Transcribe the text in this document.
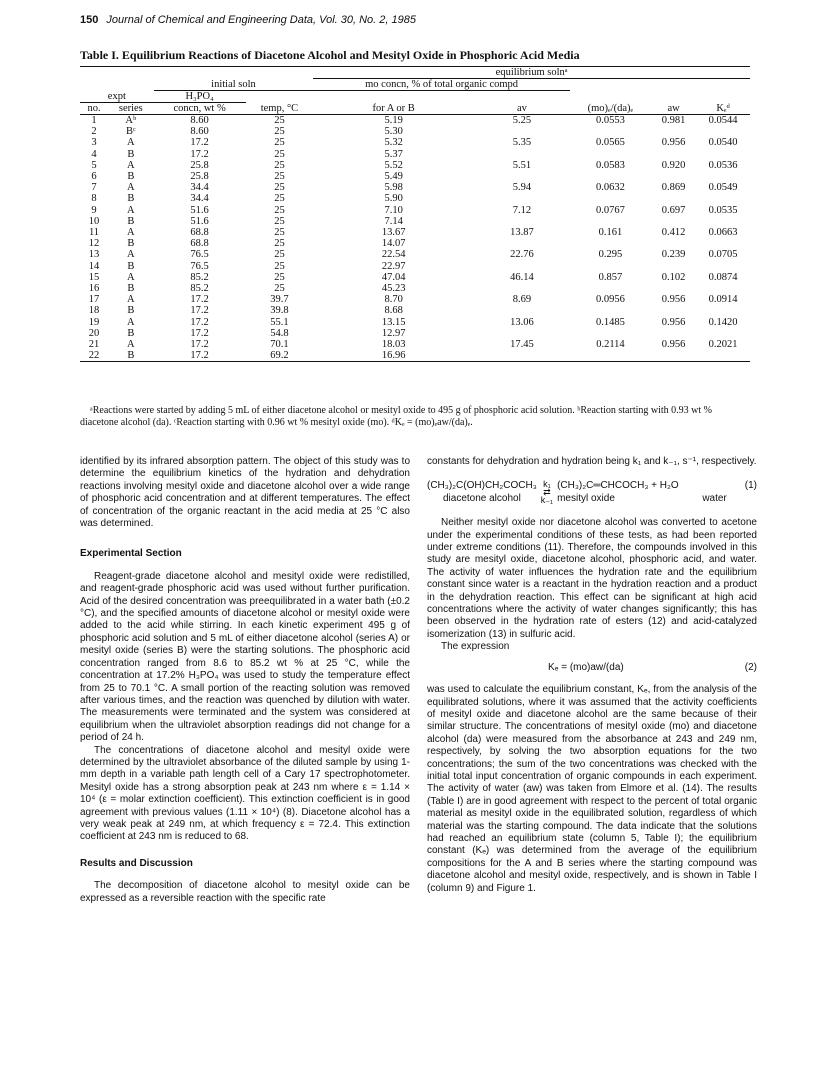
150 Journal of Chemical and Engineering Data, Vol. 30, No. 2, 1985
Table I. Equilibrium Reactions of Diacetone Alcohol and Mesityl Oxide in Phosphoric Acid Media
				equilibrium solnᵃ				
		initial soln		mo concn, % of total organic compd				
expt		H₃PO₄						
no.	series	concn, wt %	temp, °C	for A or B	av	(mo)ₑ/(da)ₑ	aw	Kₑᵈ
1	Aᵇ	8.60	25	5.19	5.25	0.0553	0.981	0.0544
2	Bᶜ	8.60	25	5.30				
3	A	17.2	25	5.32	5.35	0.0565	0.956	0.0540
4	B	17.2	25	5.37				
5	A	25.8	25	5.52	5.51	0.0583	0.920	0.0536
6	B	25.8	25	5.49				
7	A	34.4	25	5.98	5.94	0.0632	0.869	0.0549
8	B	34.4	25	5.90				
9	A	51.6	25	7.10	7.12	0.0767	0.697	0.0535
10	B	51.6	25	7.14				
11	A	68.8	25	13.67	13.87	0.161	0.412	0.0663
12	B	68.8	25	14.07				
13	A	76.5	25	22.54	22.76	0.295	0.239	0.0705
14	B	76.5	25	22.97				
15	A	85.2	25	47.04	46.14	0.857	0.102	0.0874
16	B	85.2	25	45.23				
17	A	17.2	39.7	8.70	8.69	0.0956	0.956	0.0914
18	B	17.2	39.8	8.68				
19	A	17.2	55.1	13.15	13.06	0.1485	0.956	0.1420
20	B	17.2	54.8	12.97				
21	A	17.2	70.1	18.03	17.45	0.2114	0.956	0.2021
22	B	17.2	69.2	16.96				
ᵃReactions were started by adding 5 mL of either diacetone alcohol or mesityl oxide to 495 g of phosphoric acid solution. ᵇReaction starting with 0.93 wt % diacetone alcohol (da). ᶜReaction starting with 0.96 wt % mesityl oxide (mo). ᵈKₑ = (mo)ₑaw/(da)ₑ.

identified by its infrared absorption pattern. The object of this study was to determine the equilibrium kinetics of the hydration and dehydration reactions involving mesityl oxide and diacetone alcohol over a wide range of phosphoric acid concentration and at different temperatures. The effect of concentration of the organic reactant in the acid media at 25 °C also was determined.

Experimental Section

Reagent-grade diacetone alcohol and mesityl oxide were redistilled, and reagent-grade phosphoric acid was used without further purification. Acid of the desired concentration was preequilibrated in a water bath (±0.2 °C), and the specified amounts of diacetone alcohol or mesityl oxide were added to the acid while stirring. In each kinetic experiment 495 g of phosphoric acid solution and 5 mL of either diacetone alcohol (series A) or mesityl oxide (series B) were the starting solutions. The phosphoric acid concentration ranged from 8.6 to 85.2 wt % at 25 °C, while the concentration at 17.2% H₃PO₄ was used to study the temperature effect from 25 to 70.1 °C. A small portion of the reacting solution was removed after various times, and the reaction was quenched by dilution with water. The measurements were terminated and the system was considered at equilibrium when the ultraviolet absorption readings did not change for a period of 24 h.

The concentrations of diacetone alcohol and mesityl oxide were determined by the ultraviolet absorbance of the diluted sample by using 1-mm depth in a variable path length cell of a Cary 17 spectrophotometer. Mesityl oxide has a strong absorption peak at 243 nm where ε = 1.14 × 10⁴ (ε = molar extinction coefficient). This extinction coefficient is in good agreement with previous values (1.11 × 10⁴) (8). Diacetone alcohol has a very weak peak at 249 nm, at which frequency ε = 72.4. This extinction coefficient at 243 nm is reduced to 68.

Results and Discussion

The decomposition of diacetone alcohol to mesityl oxide can be expressed as a reversible reaction with the specific rate

constants for dehydration and hydration being k₁ and k₋₁, s⁻¹, respectively.

(CH₃)₂C(OH)CH₂COCH₃
diacetone alcohol
k₁
⇄
k₋₁
(CH₃)₂C═CHCOCH₃ + H₂O
mesityl oxide	water
(1)

Neither mesityl oxide nor diacetone alcohol was converted to acetone under the experimental conditions of these tests, as had been reported under extreme conditions (11). Therefore, the compounds involved in this study are mesityl oxide, diacetone alcohol, phosphoric acid, and water. The activity of water influences the hydration rate and the equilibrium constant since water is a reactant in the hydration reaction and a product in the dehydration reaction. This effect can be significant at high acid concentrations where the activity of water changes significantly; this has been observed in the hydration rate of esters (12) and acid-catalyzed isomerization (13) in sulfuric acid.

The expression

Kₑ = (mo)aw/(da)	(2)

was used to calculate the equilibrium constant, Kₑ, from the analysis of the equilibrated solutions, where it was assumed that the activity coefficients of mesityl oxide and diacetone alcohol are the same because of their similar structure. The concentrations of mesityl oxide (mo) and diacetone alcohol (da) were measured from the absorbance at 243 and 249 nm, respectively, by solving the two absorption equations for the two concentrations; the sum of the two concentrations was checked with the initial total input concentration of organic compounds in each experiment. The activity of water (aw) was taken from Elmore et al. (14). The results (Table I) are in good agreement with respect to the percent of total organic material as mesityl oxide in the equilibrated solution, regardless of which material was the starting compound. The data indicate that the solutions had reached an equilibrium state (column 5, Table I); the equilibrium constant (Kₑ) was determined from the average of the equilibrium compositions for the A and B series where the starting compound was diacetone alcohol and mesityl oxide, respectively, and is shown in Table I (column 9) and Figure 1.
